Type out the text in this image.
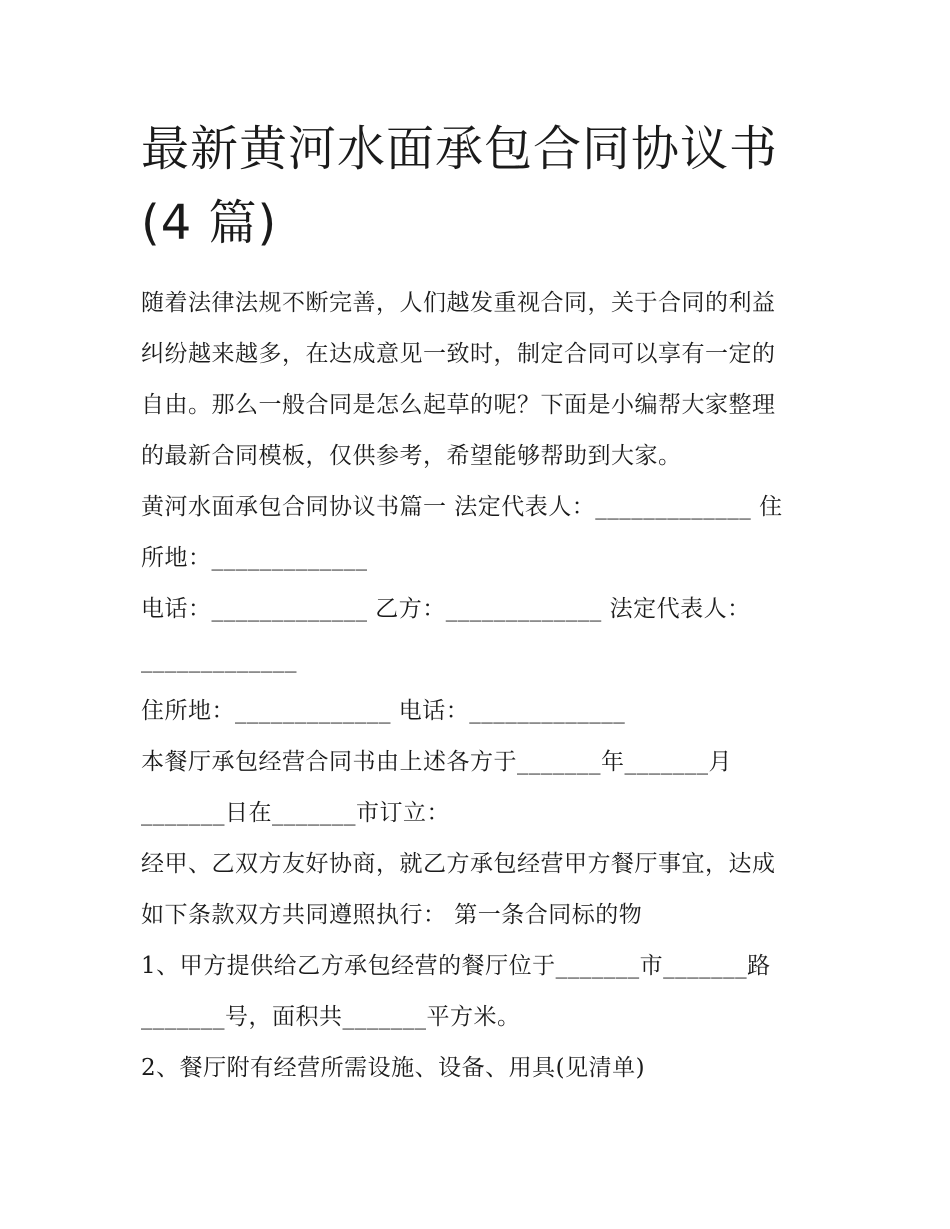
最新黄河水面承包合同协议书
(4 篇)

随着法律法规不断完善，人们越发重视合同，关于合同的利益
纠纷越来越多，在达成意见一致时，制定合同可以享有一定的
自由。那么一般合同是怎么起草的呢？下面是小编帮大家整理
的最新合同模板，仅供参考，希望能够帮助到大家。

黄河水面承包合同协议书篇一 法定代表人：_____________ 住
所地：_____________

电话：_____________ 乙方：_____________ 法定代表人：
_____________

住所地：_____________ 电话：_____________

本餐厅承包经营合同书由上述各方于_______年_______月
_______日在_______市订立：

经甲、乙双方友好协商，就乙方承包经营甲方餐厅事宜，达成
如下条款双方共同遵照执行： 第一条合同标的物

1、甲方提供给乙方承包经营的餐厅位于_______市_______路
_______号，面积共_______平方米。

2、餐厅附有经营所需设施、设备、用具(见清单)
